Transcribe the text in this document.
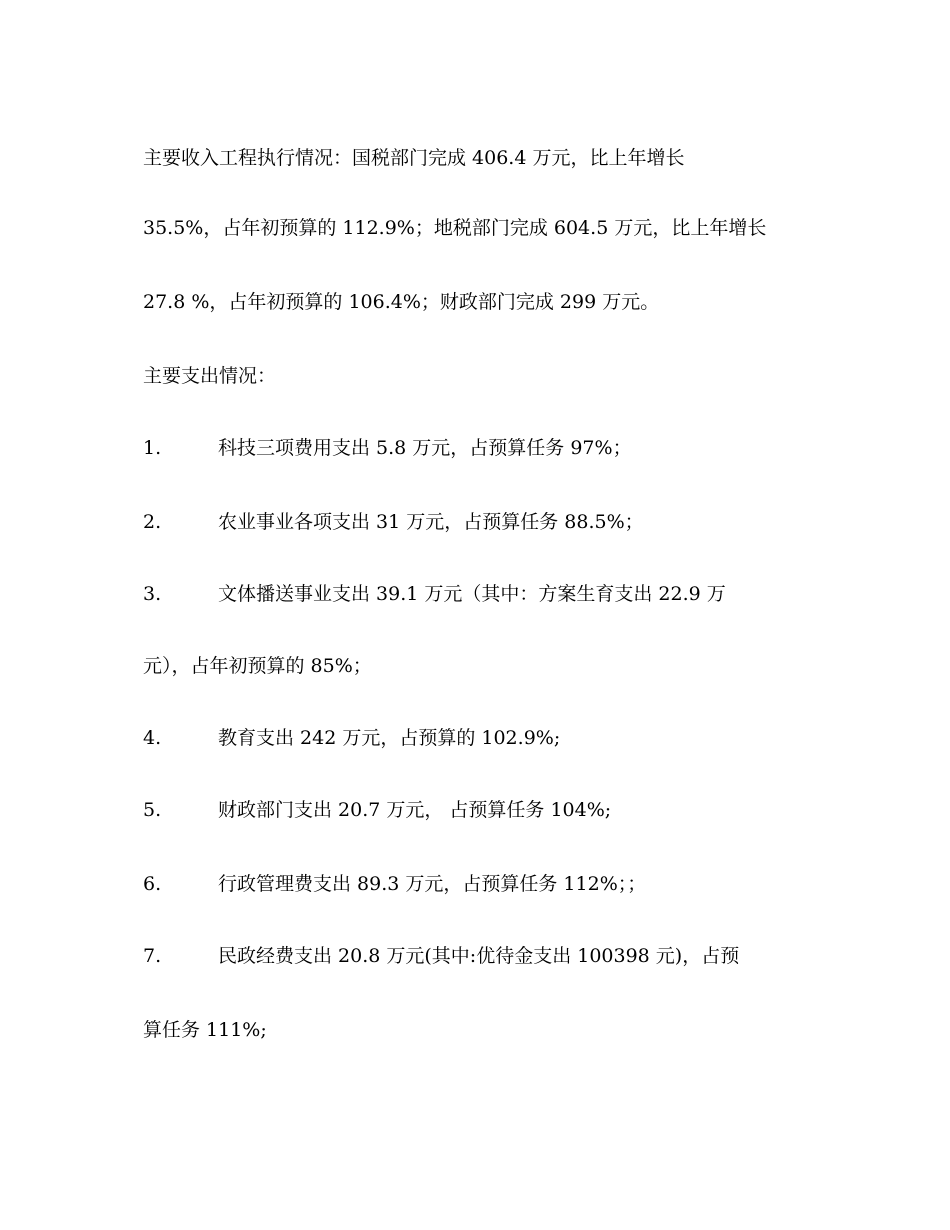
主要收入工程执行情况：国税部门完成 406.4 万元，比上年增长
35.5%，占年初预算的 112.9%；地税部门完成 604.5 万元，比上年增长
27.8 %，占年初预算的 106.4%；财政部门完成 299 万元。
主要支出情况：
1.	科技三项费用支出 5.8 万元，占预算任务 97%；
2.	农业事业各项支出 31 万元，占预算任务 88.5%；
3.	文体播送事业支出 39.1 万元（其中：方案生育支出 22.9 万
元），占年初预算的 85%；
4.	教育支出 242 万元，占预算的 102.9%;
5.	财政部门支出 20.7 万元， 占预算任务 104%;
6.	行政管理费支出 89.3 万元，占预算任务 112%；；
7.	民政经费支出 20.8 万元(其中:优待金支出 100398 元)，占预
算任务 111%;
